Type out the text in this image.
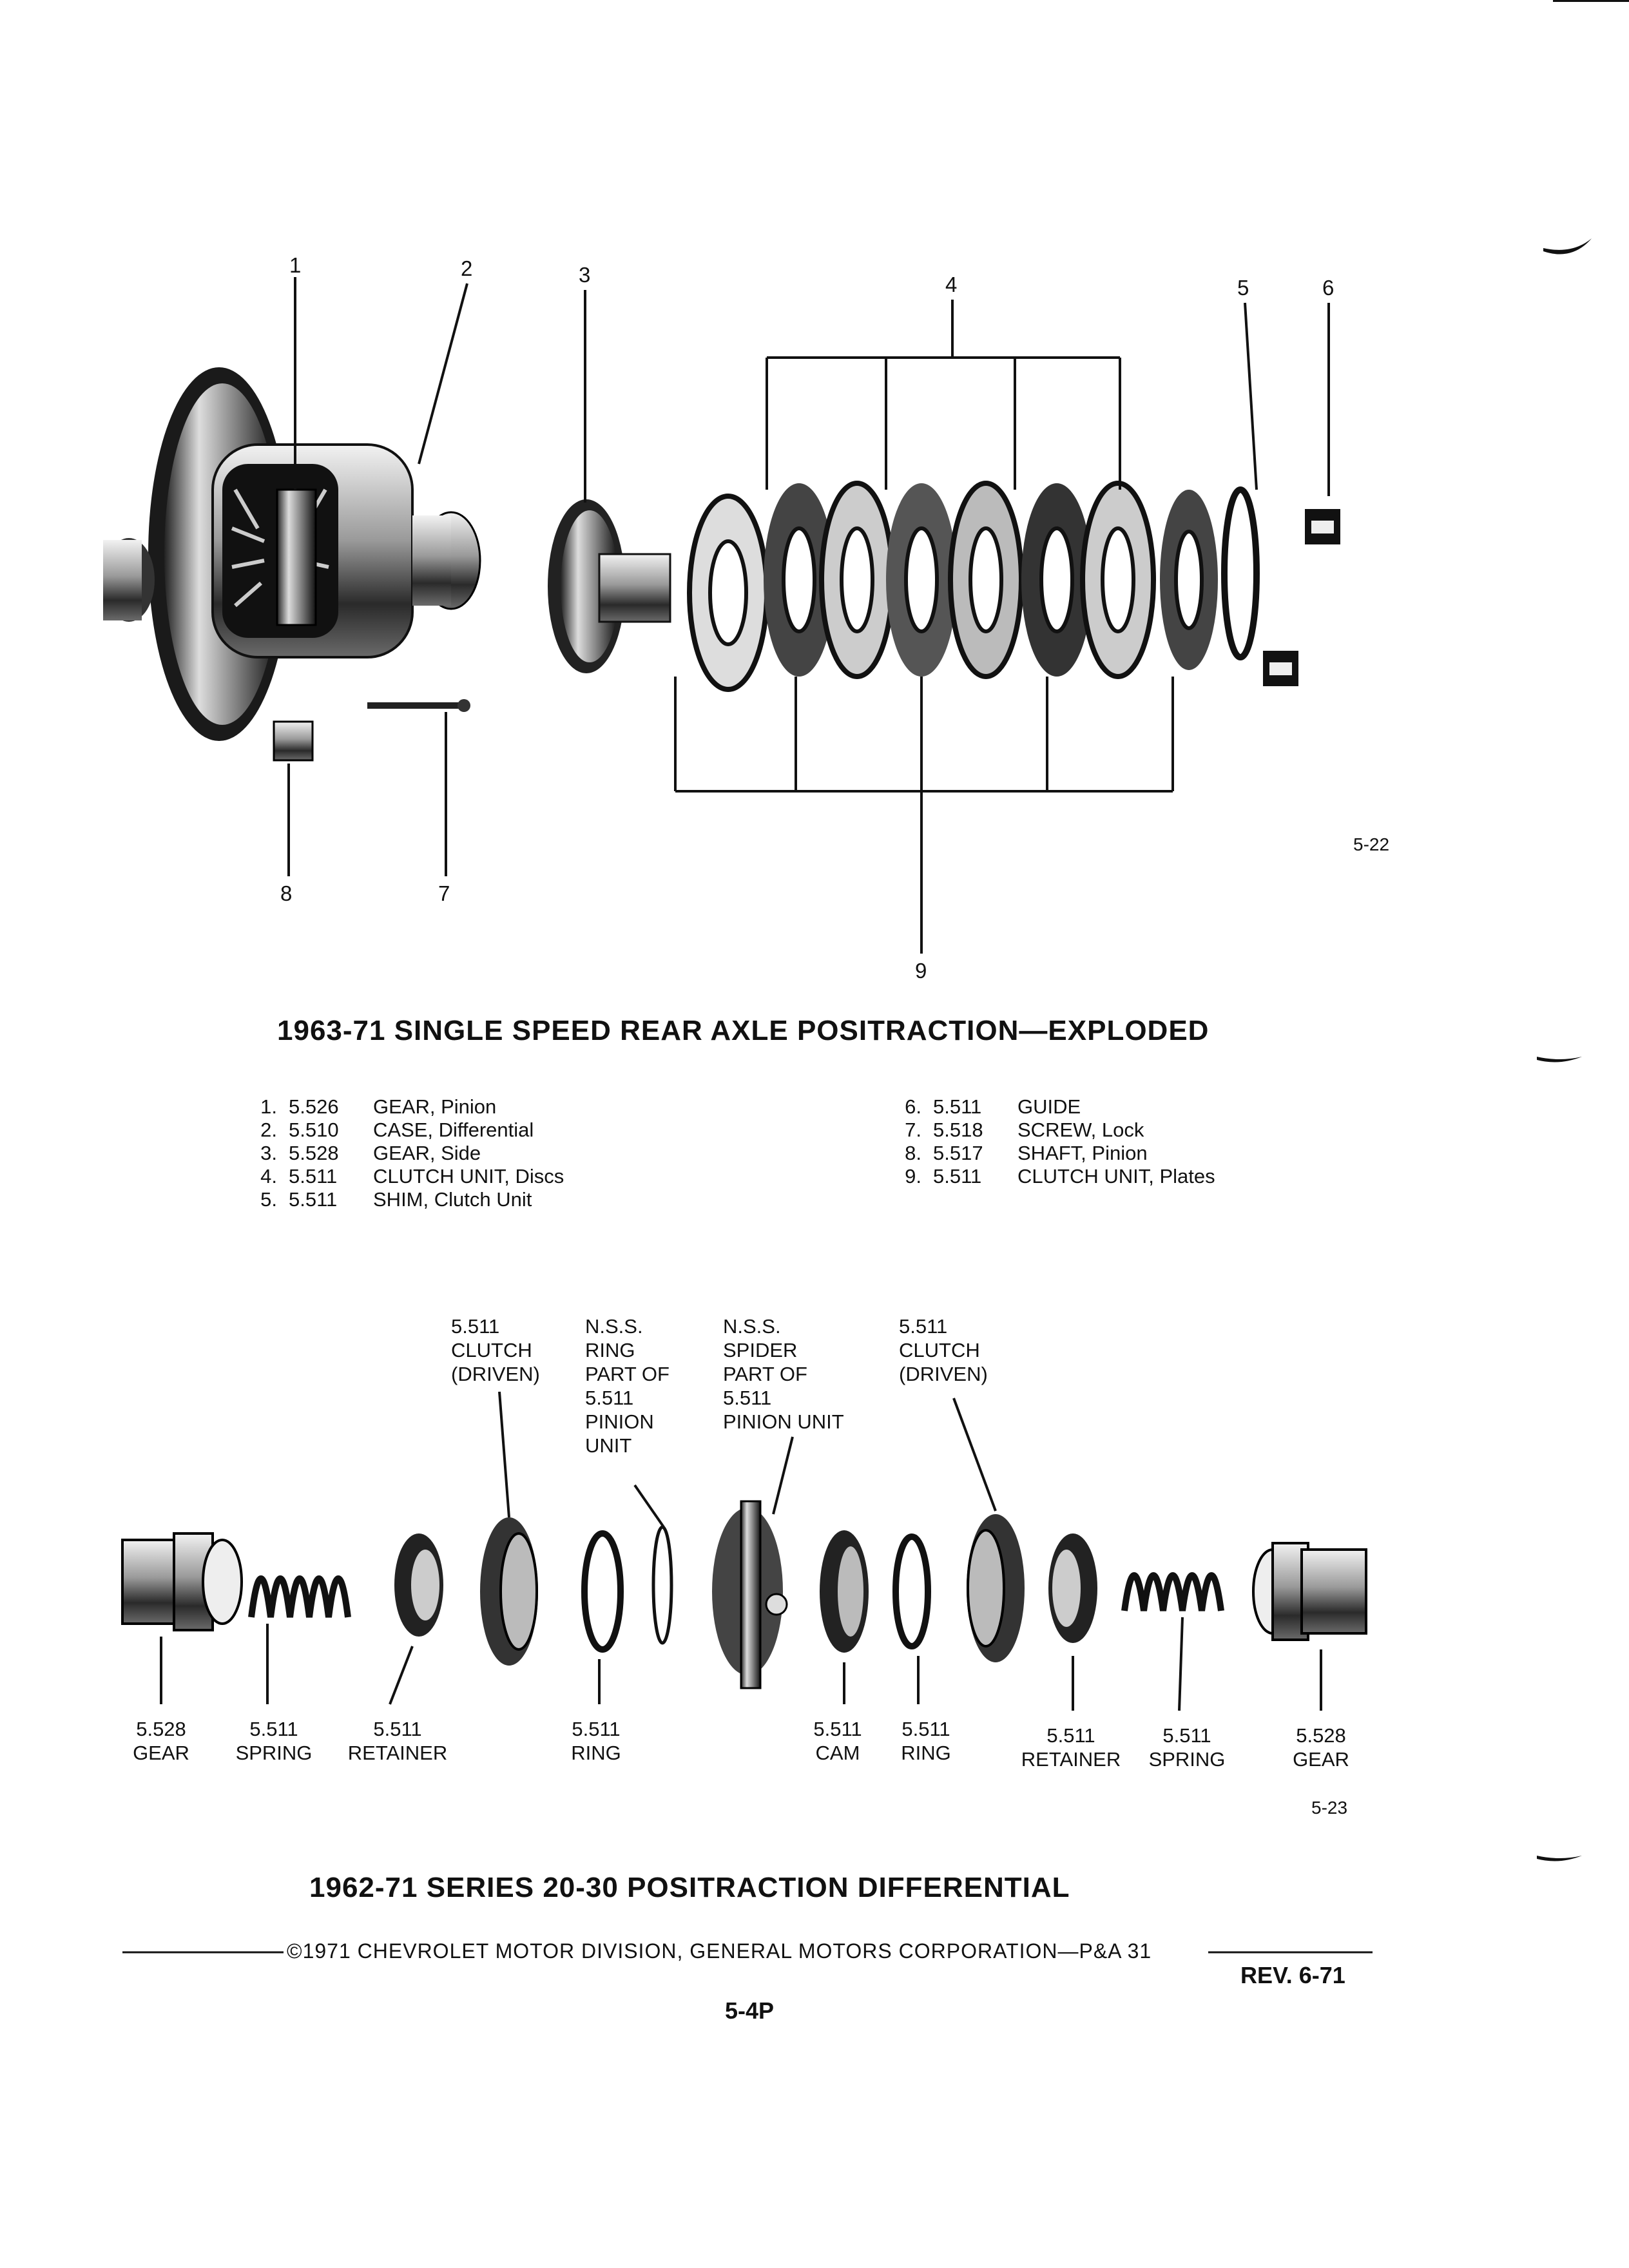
1	2	3	4	5	6
7
8
9
5-22
1963-71 SINGLE SPEED REAR AXLE POSITRACTION—EXPLODED
1. 5.526	GEAR, Pinion
2. 5.510	CASE, Differential
3. 5.528	GEAR, Side
4. 5.511	CLUTCH UNIT, Discs
5. 5.511	SHIM, Clutch Unit
6. 5.511	GUIDE
7. 5.518	SCREW, Lock
8. 5.517	SHAFT, Pinion
9. 5.511	CLUTCH UNIT, Plates
5.511
CLUTCH
(DRIVEN)
N.S.S.
RING
PART OF
5.511
PINION
UNIT
N.S.S.
SPIDER
PART OF
5.511
PINION UNIT
5.511
CLUTCH
(DRIVEN)
5.528
GEAR
5.511
SPRING
5.511
RETAINER
5.511
RING
5.511
CAM
5.511
RING
5.511
RETAINER
5.511
SPRING
5.528
GEAR
5-23
1962-71 SERIES 20-30 POSITRACTION DIFFERENTIAL
©1971 CHEVROLET MOTOR DIVISION, GENERAL MOTORS CORPORATION—P&A 31
REV. 6-71
5-4P
